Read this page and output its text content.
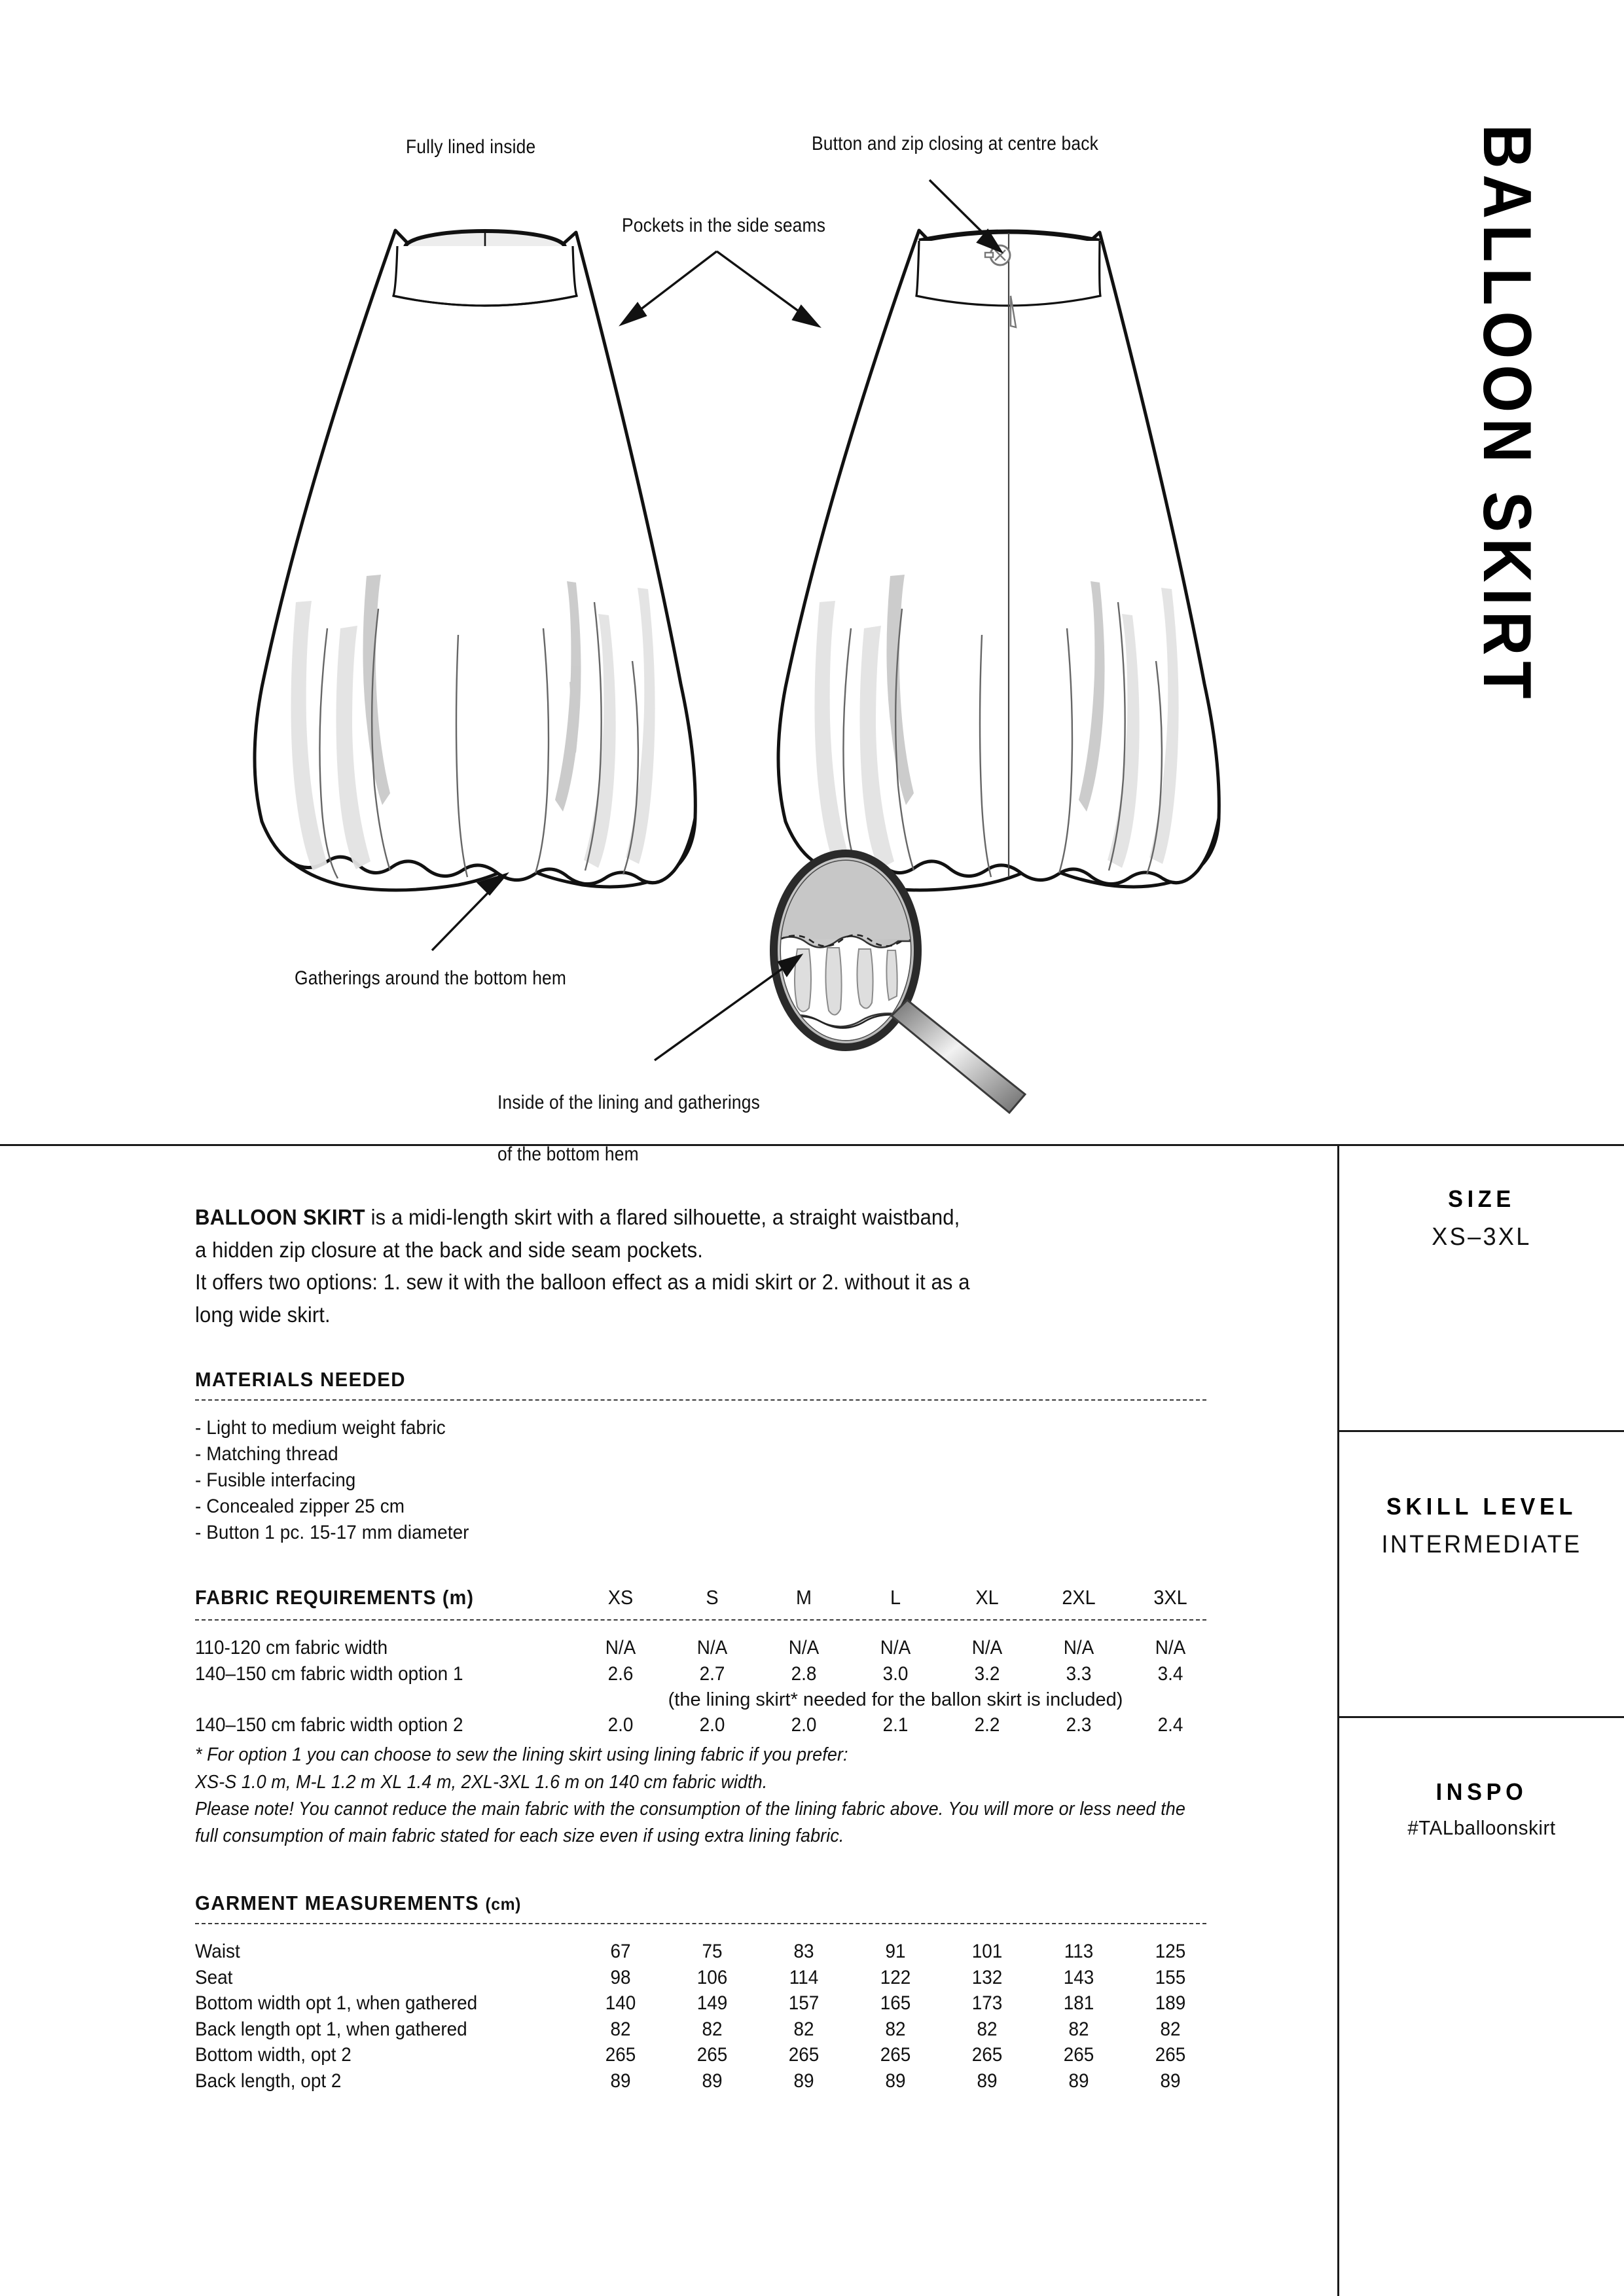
Fully lined inside
Pockets in the side seams
Button and zip closing at centre back
Gatherings around the bottom hem

Inside of the lining and gatherings

of the bottom hem

BALLOON SKIRT
BALLOON SKIRT is a midi-length skirt with a flared silhouette, a straight waistband,
a hidden zip closure at the back and side seam pockets.
It offers two options: 1. sew it with the balloon effect as a midi skirt or 2. without it as a
long wide skirt.
MATERIALS NEEDED
- Light to medium weight fabric
- Matching thread
- Fusible interfacing
- Concealed zipper 25 cm
- Button 1 pc. 15-17 mm diameter
FABRIC REQUIREMENTS (m)	XS	S	M	L	XL	2XL	3XL
110-120 cm fabric width	N/A	N/A	N/A	N/A	N/A	N/A	N/A
140–150 cm fabric width option 1	2.6	2.7	2.8	3.0	3.2	3.3	3.4
	(the lining skirt* needed for the ballon skirt is included)						
140–150 cm fabric width option 2	2.0	2.0	2.0	2.1	2.2	2.3	2.4
* For option 1 you can choose to sew the lining skirt using lining fabric if you prefer:
XS-S 1.0 m, M-L 1.2 m XL 1.4 m, 2XL-3XL 1.6 m on 140 cm fabric width.
Please note! You cannot reduce the main fabric with the consumption of the lining fabric above. You will more or less need the full consumption of main fabric stated for each size even if using extra lining fabric.
GARMENT MEASUREMENTS (cm)
Waist	67	75	83	91	101	113	125
Seat	98	106	114	122	132	143	155
Bottom width opt 1, when gathered	140	149	157	165	173	181	189
Back length opt 1, when gathered	82	82	82	82	82	82	82
Bottom width, opt 2	265	265	265	265	265	265	265
Back length, opt 2	89	89	89	89	89	89	89
SIZE
XS–3XL
SKILL LEVEL
INTERMEDIATE
INSPO
#TALballoonskirt
